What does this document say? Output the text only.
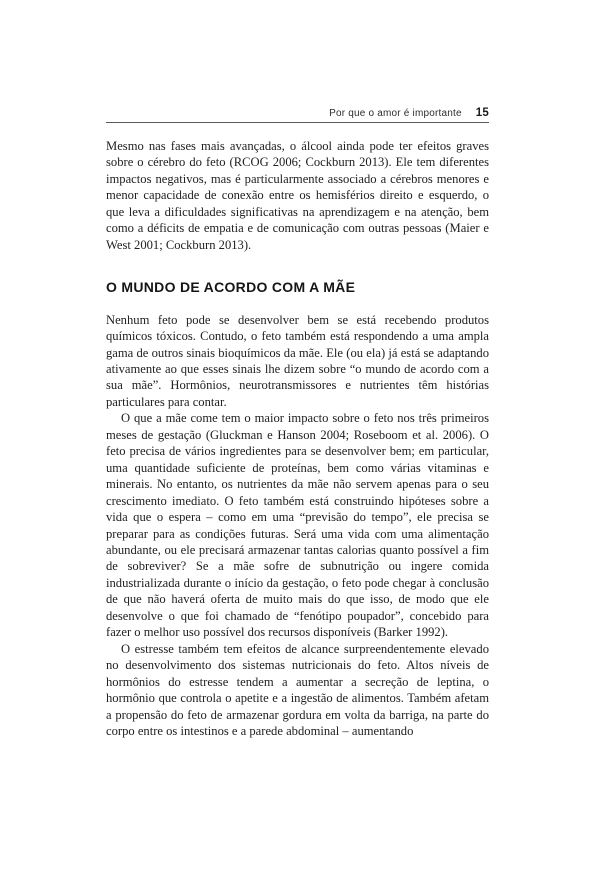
Por que o amor é importante 15

Mesmo nas fases mais avançadas, o álcool ainda pode ter efeitos graves sobre o cérebro do feto (RCOG 2006; Cockburn 2013). Ele tem diferentes impactos negativos, mas é particularmente associado a cérebros menores e menor capacidade de conexão entre os hemisférios direito e esquerdo, o que leva a dificuldades significativas na aprendizagem e na atenção, bem como a déficits de empatia e de comunicação com outras pessoas (Maier e West 2001; Cockburn 2013).

O MUNDO DE ACORDO COM A MÃE

Nenhum feto pode se desenvolver bem se está recebendo produtos químicos tóxicos. Contudo, o feto também está respondendo a uma ampla gama de outros sinais bioquímicos da mãe. Ele (ou ela) já está se adaptando ativamente ao que esses sinais lhe dizem sobre “o mundo de acordo com a sua mãe”. Hormônios, neurotransmissores e nutrientes têm histórias particulares para contar.

O que a mãe come tem o maior impacto sobre o feto nos três primeiros meses de gestação (Gluckman e Hanson 2004; Roseboom et al. 2006). O feto precisa de vários ingredientes para se desenvolver bem; em particular, uma quantidade suficiente de proteínas, bem como várias vitaminas e minerais. No entanto, os nutrientes da mãe não servem apenas para o seu crescimento imediato. O feto também está construindo hipóteses sobre a vida que o espera – como em uma “previsão do tempo”, ele precisa se preparar para as condições futuras. Será uma vida com uma alimentação abundante, ou ele precisará armazenar tantas calorias quanto possível a fim de sobreviver? Se a mãe sofre de subnutrição ou ingere comida industrializada durante o início da gestação, o feto pode chegar à conclusão de que não haverá oferta de muito mais do que isso, de modo que ele desenvolve o que foi chamado de “fenótipo poupador”, concebido para fazer o melhor uso possível dos recursos disponíveis (Barker 1992).

O estresse também tem efeitos de alcance surpreendentemente elevado no desenvolvimento dos sistemas nutricionais do feto. Altos níveis de hormônios do estresse tendem a aumentar a secreção de leptina, o hormônio que controla o apetite e a ingestão de alimentos. Também afetam a propensão do feto de armazenar gordura em volta da barriga, na parte do corpo entre os intestinos e a parede abdominal – aumentando
